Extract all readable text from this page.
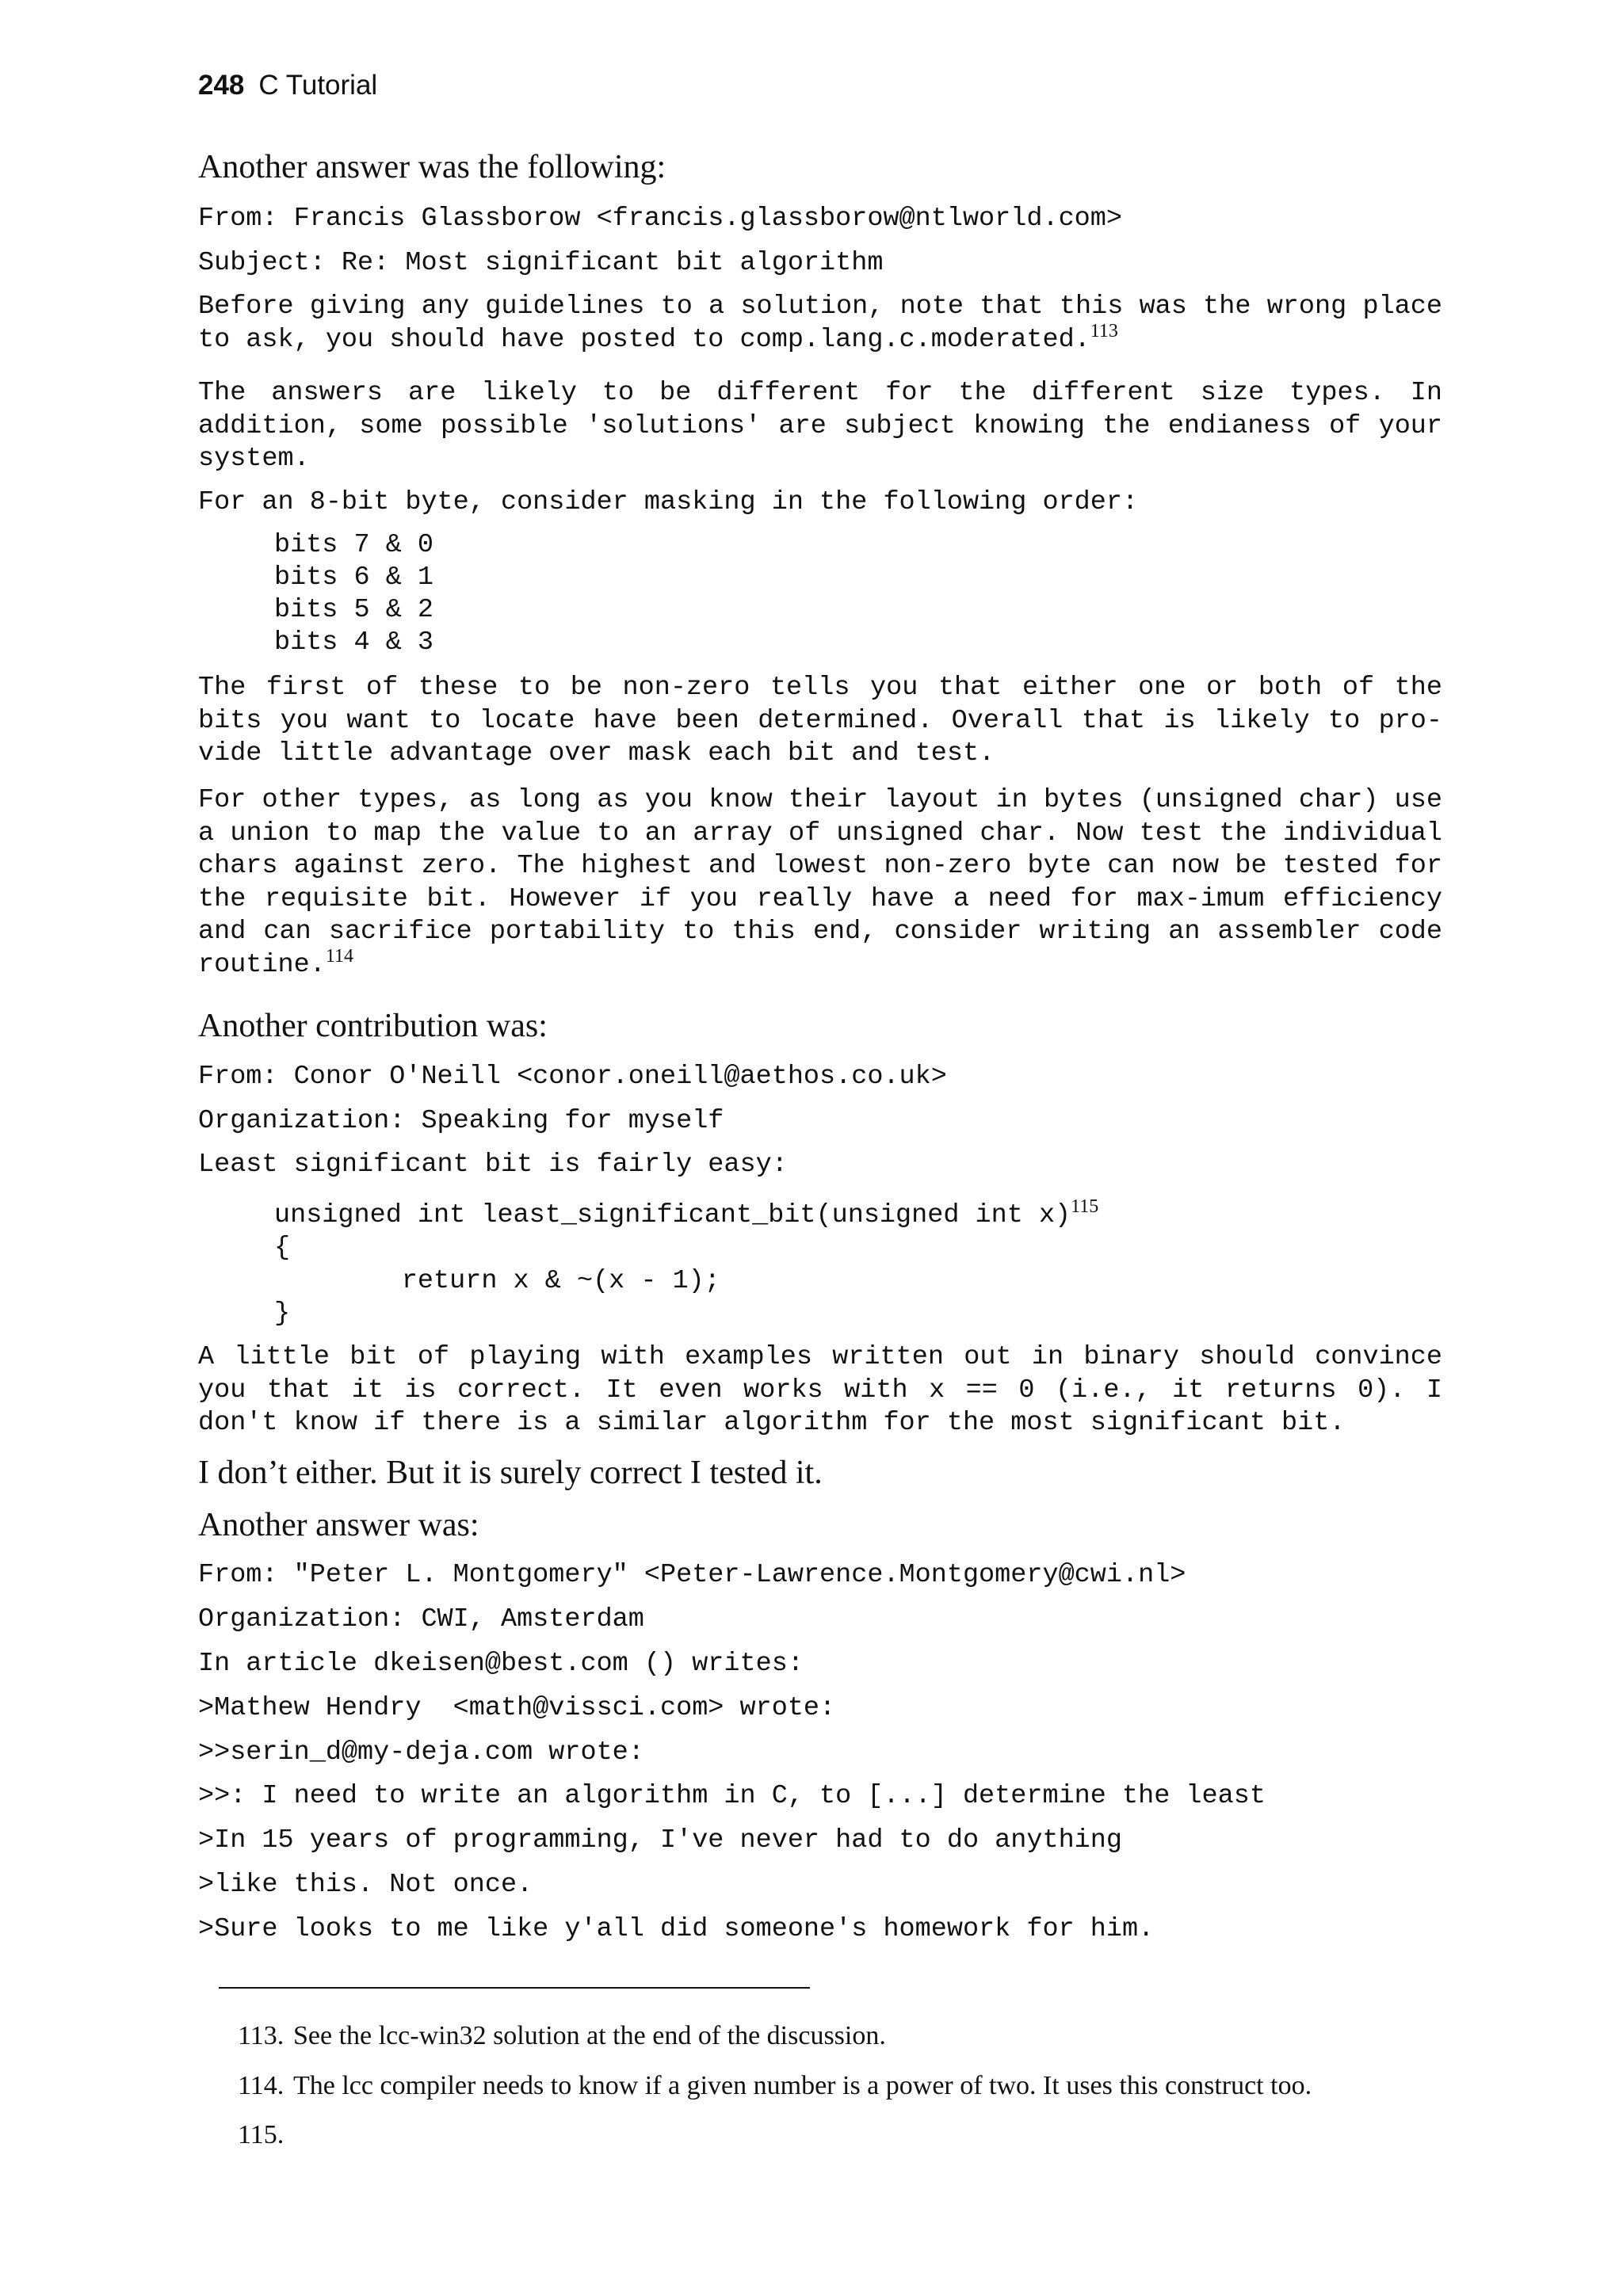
248 C Tutorial
Another answer was the following:
From: Francis Glassborow <francis.glassborow@ntlworld.com>
Subject: Re: Most significant bit algorithm
Before giving any guidelines to a solution, note that this was the wrong place to ask, you should have posted to comp.lang.c.moderated.$^{113}$
The answers are likely to be different for the different size types. In addition, some possible 'solutions' are subject knowing the endianess of your system.
For an 8-bit byte, consider masking in the following order:
bits 7 & 0
bits 6 & 1
bits 5 & 2
bits 4 & 3
The first of these to be non-zero tells you that either one or both of the bits you want to locate have been determined. Overall that is likely to pro-vide little advantage over mask each bit and test.
For other types, as long as you know their layout in bytes (unsigned char) use a union to map the value to an array of unsigned char. Now test the individual chars against zero. The highest and lowest non-zero byte can now be tested for the requisite bit. However if you really have a need for max-imum efficiency and can sacrifice portability to this end, consider writing an assembler code routine.$^{114}$
Another contribution was:
From: Conor O'Neill <conor.oneill@aethos.co.uk>
Organization: Speaking for myself
Least significant bit is fairly easy:
unsigned int least_significant_bit(unsigned int x)$^{115}$
{
return x & ~(x - 1);
}
A little bit of playing with examples written out in binary should convince you that it is correct. It even works with x == 0 (i.e., it returns 0). I don't know if there is a similar algorithm for the most significant bit.
I don’t either. But it is surely correct I tested it.
Another answer was:
From: "Peter L. Montgomery" <Peter-Lawrence.Montgomery@cwi.nl>
Organization: CWI, Amsterdam
In article dkeisen@best.com () writes:
>Mathew Hendry  <math@vissci.com> wrote:
>>serin_d@my-deja.com wrote:
>>: I need to write an algorithm in C, to [...] determine the least
>In 15 years of programming, I've never had to do anything
>like this. Not once.
>Sure looks to me like y'all did someone's homework for him.
113. See the lcc-win32 solution at the end of the discussion.
114. The lcc compiler needs to know if a given number is a power of two. It uses this construct too.
115.
